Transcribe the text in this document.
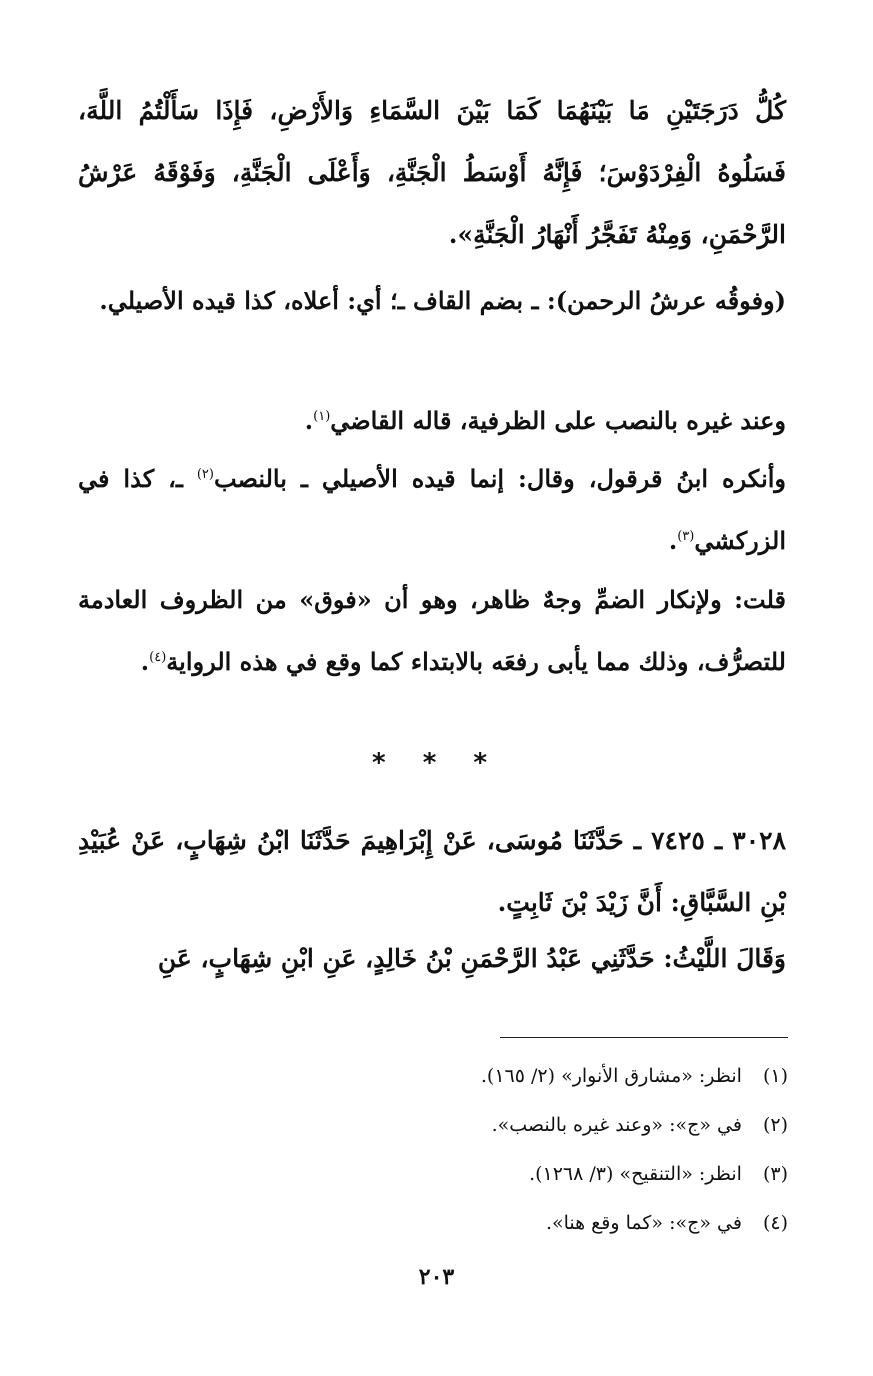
كُلُّ دَرَجَتَيْنِ مَا بَيْنَهُمَا كَمَا بَيْنَ السَّمَاءِ وَالأَرْضِ، فَإِذَا سَأَلْتُمُ اللَّهَ، فَسَلُوهُ الْفِرْدَوْسَ؛ فَإِنَّهُ أَوْسَطُ الْجَنَّةِ، وَأَعْلَى الْجَنَّةِ، وَفَوْقَهُ عَرْشُ الرَّحْمَنِ، وَمِنْهُ تَفَجَّرُ أَنْهَارُ الْجَنَّةِ».

(وفوقُه عرشُ الرحمن): ـ بضم القاف ـ؛ أي: أعلاه، كذا قيده الأصيلي.

وعند غيره بالنصب على الظرفية، قاله القاضي$^{(١)}$.

وأنكره ابنُ قرقول، وقال: إنما قيده الأصيلي ـ بالنصب$^{(٢)}$ ـ، كذا في الزركشي$^{(٣)}$.

قلت: ولإنكار الضمِّ وجهٌ ظاهر، وهو أن «فوق» من الظروف العادمة للتصرُّف، وذلك مما يأبى رفعَه بالابتداء كما وقع في هذه الرواية$^{(٤)}$.

* * *

٣٠٢٨ ـ ٧٤٢٥ ـ حَدَّثَنَا مُوسَى، عَنْ إِبْرَاهِيمَ حَدَّثَنَا ابْنُ شِهَابٍ، عَنْ عُبَيْدِ بْنِ السَّبَّاقِ: أَنَّ زَيْدَ بْنَ ثَابِتٍ.

وَقَالَ اللَّيْثُ: حَدَّثَنِي عَبْدُ الرَّحْمَنِ بْنُ خَالِدٍ، عَنِ ابْنِ شِهَابٍ، عَنِ

(١) انظر: «مشارق الأنوار» (٢/ ١٦٥).

(٢) في «ج»: «وعند غيره بالنصب».

(٣) انظر: «التنقيح» (٣/ ١٢٦٨).

(٤) في «ج»: «كما وقع هنا».

٢٠٣
